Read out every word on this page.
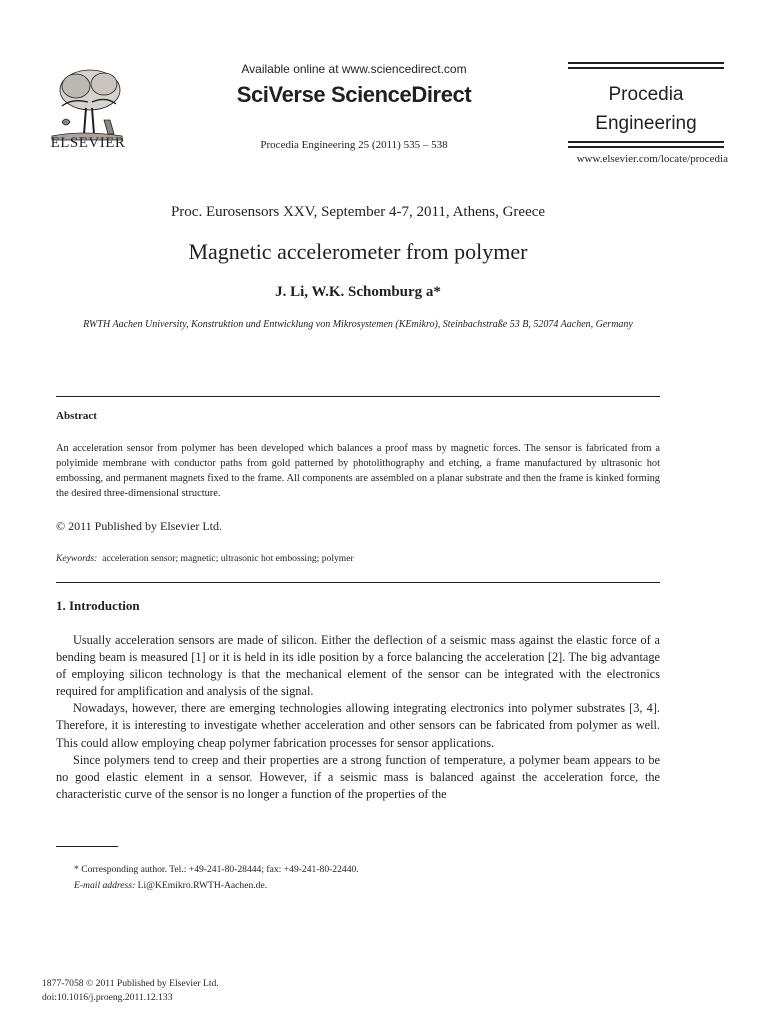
ELSEVIER
Available online at www.sciencedirect.com
SciVerse ScienceDirect
Procedia Engineering 25 (2011) 535 – 538
Procedia
Engineering
www.elsevier.com/locate/procedia
Proc. Eurosensors XXV, September 4-7, 2011, Athens, Greece
Magnetic accelerometer from polymer
J. Li, W.K. Schomburg a*
RWTH Aachen University, Konstruktion und Entwicklung von Mikrosystemen (KEmikro), Steinbachstraße 53 B, 52074 Aachen, Germany
Abstract
An acceleration sensor from polymer has been developed which balances a proof mass by magnetic forces. The sensor is fabricated from a polyimide membrane with conductor paths from gold patterned by photolithography and etching, a frame manufactured by ultrasonic hot embossing, and permanent magnets fixed to the frame. All components are assembled on a planar substrate and then the frame is kinked forming the desired three-dimensional structure.
© 2011 Published by Elsevier Ltd.
Keywords: acceleration sensor; magnetic; ultrasonic hot embossing; polymer
1. Introduction

Usually acceleration sensors are made of silicon. Either the deflection of a seismic mass against the elastic force of a bending beam is measured [1] or it is held in its idle position by a force balancing the acceleration [2]. The big advantage of employing silicon technology is that the mechanical element of the sensor can be integrated with the electronics required for amplification and analysis of the signal.

Nowadays, however, there are emerging technologies allowing integrating electronics into polymer substrates [3, 4]. Therefore, it is interesting to investigate whether acceleration and other sensors can be fabricated from polymer as well. This could allow employing cheap polymer fabrication processes for sensor applications.

Since polymers tend to creep and their properties are a strong function of temperature, a polymer beam appears to be no good elastic element in a sensor. However, if a seismic mass is balanced against the acceleration force, the characteristic curve of the sensor is no longer a function of the properties of the

* Corresponding author. Tel.: +49-241-80-28444; fax: +49-241-80-22440.
E-mail address: Li@KEmikro.RWTH-Aachen.de.
1877-7058 © 2011 Published by Elsevier Ltd.
doi:10.1016/j.proeng.2011.12.133
